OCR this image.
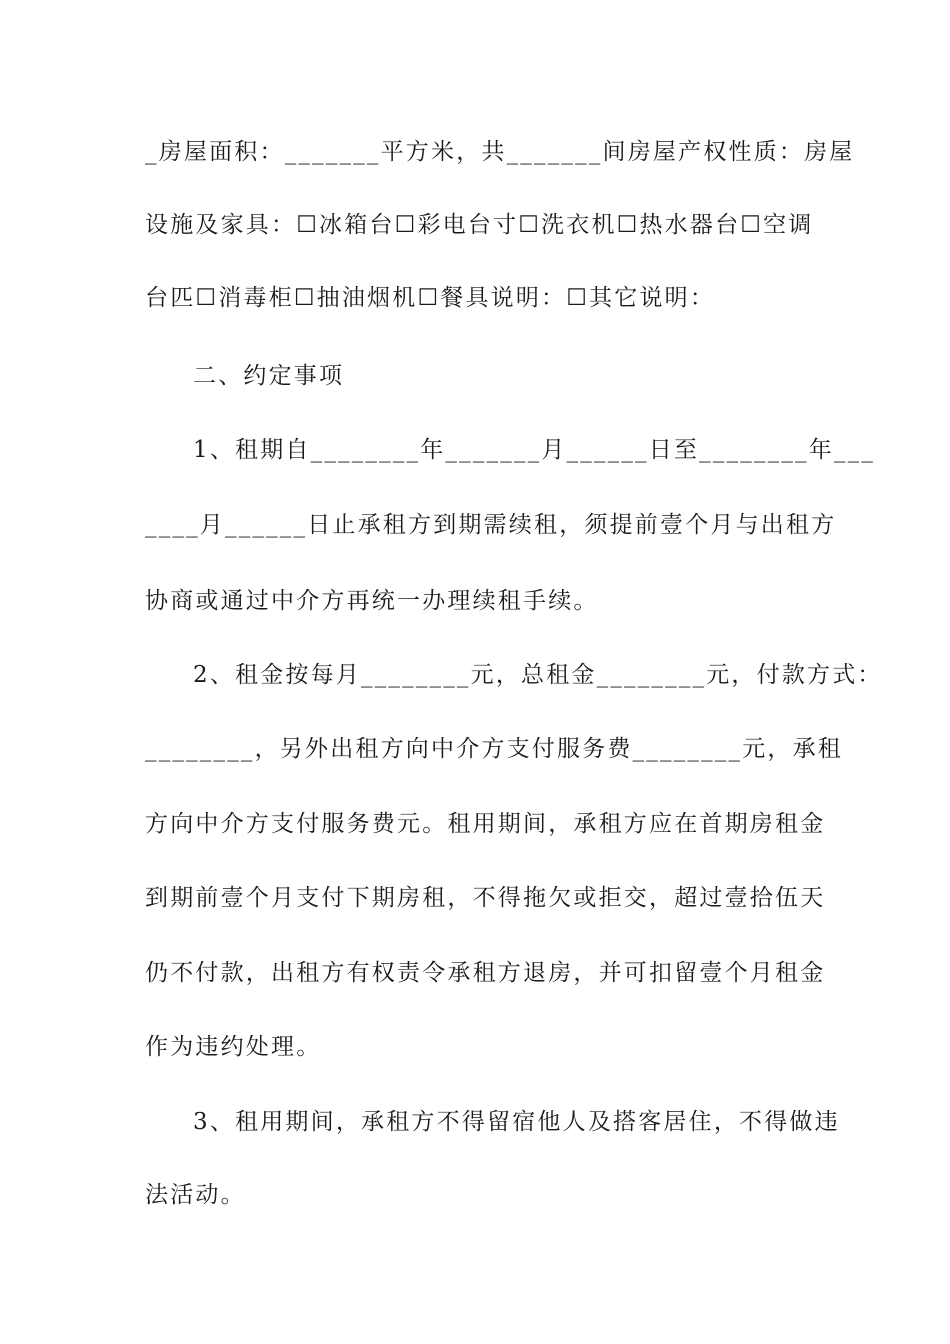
_房屋面积：_______平方米，共_______间房屋产权性质：房屋
设施及家具：☐冰箱台☐彩电台寸☐洗衣机☐热水器台☐空调
台匹☐消毒柜☐抽油烟机☐餐具说明：☐其它说明：
二、约定事项
1、租期自________年_______月______日至________年___
____月______日止承租方到期需续租，须提前壹个月与出租方
协商或通过中介方再统一办理续租手续。
2、租金按每月________元，总租金________元，付款方式：
________，另外出租方向中介方支付服务费________元，承租
方向中介方支付服务费元。租用期间，承租方应在首期房租金
到期前壹个月支付下期房租，不得拖欠或拒交，超过壹拾伍天
仍不付款，出租方有权责令承租方退房，并可扣留壹个月租金
作为违约处理。
3、租用期间，承租方不得留宿他人及搭客居住，不得做违
法活动。
